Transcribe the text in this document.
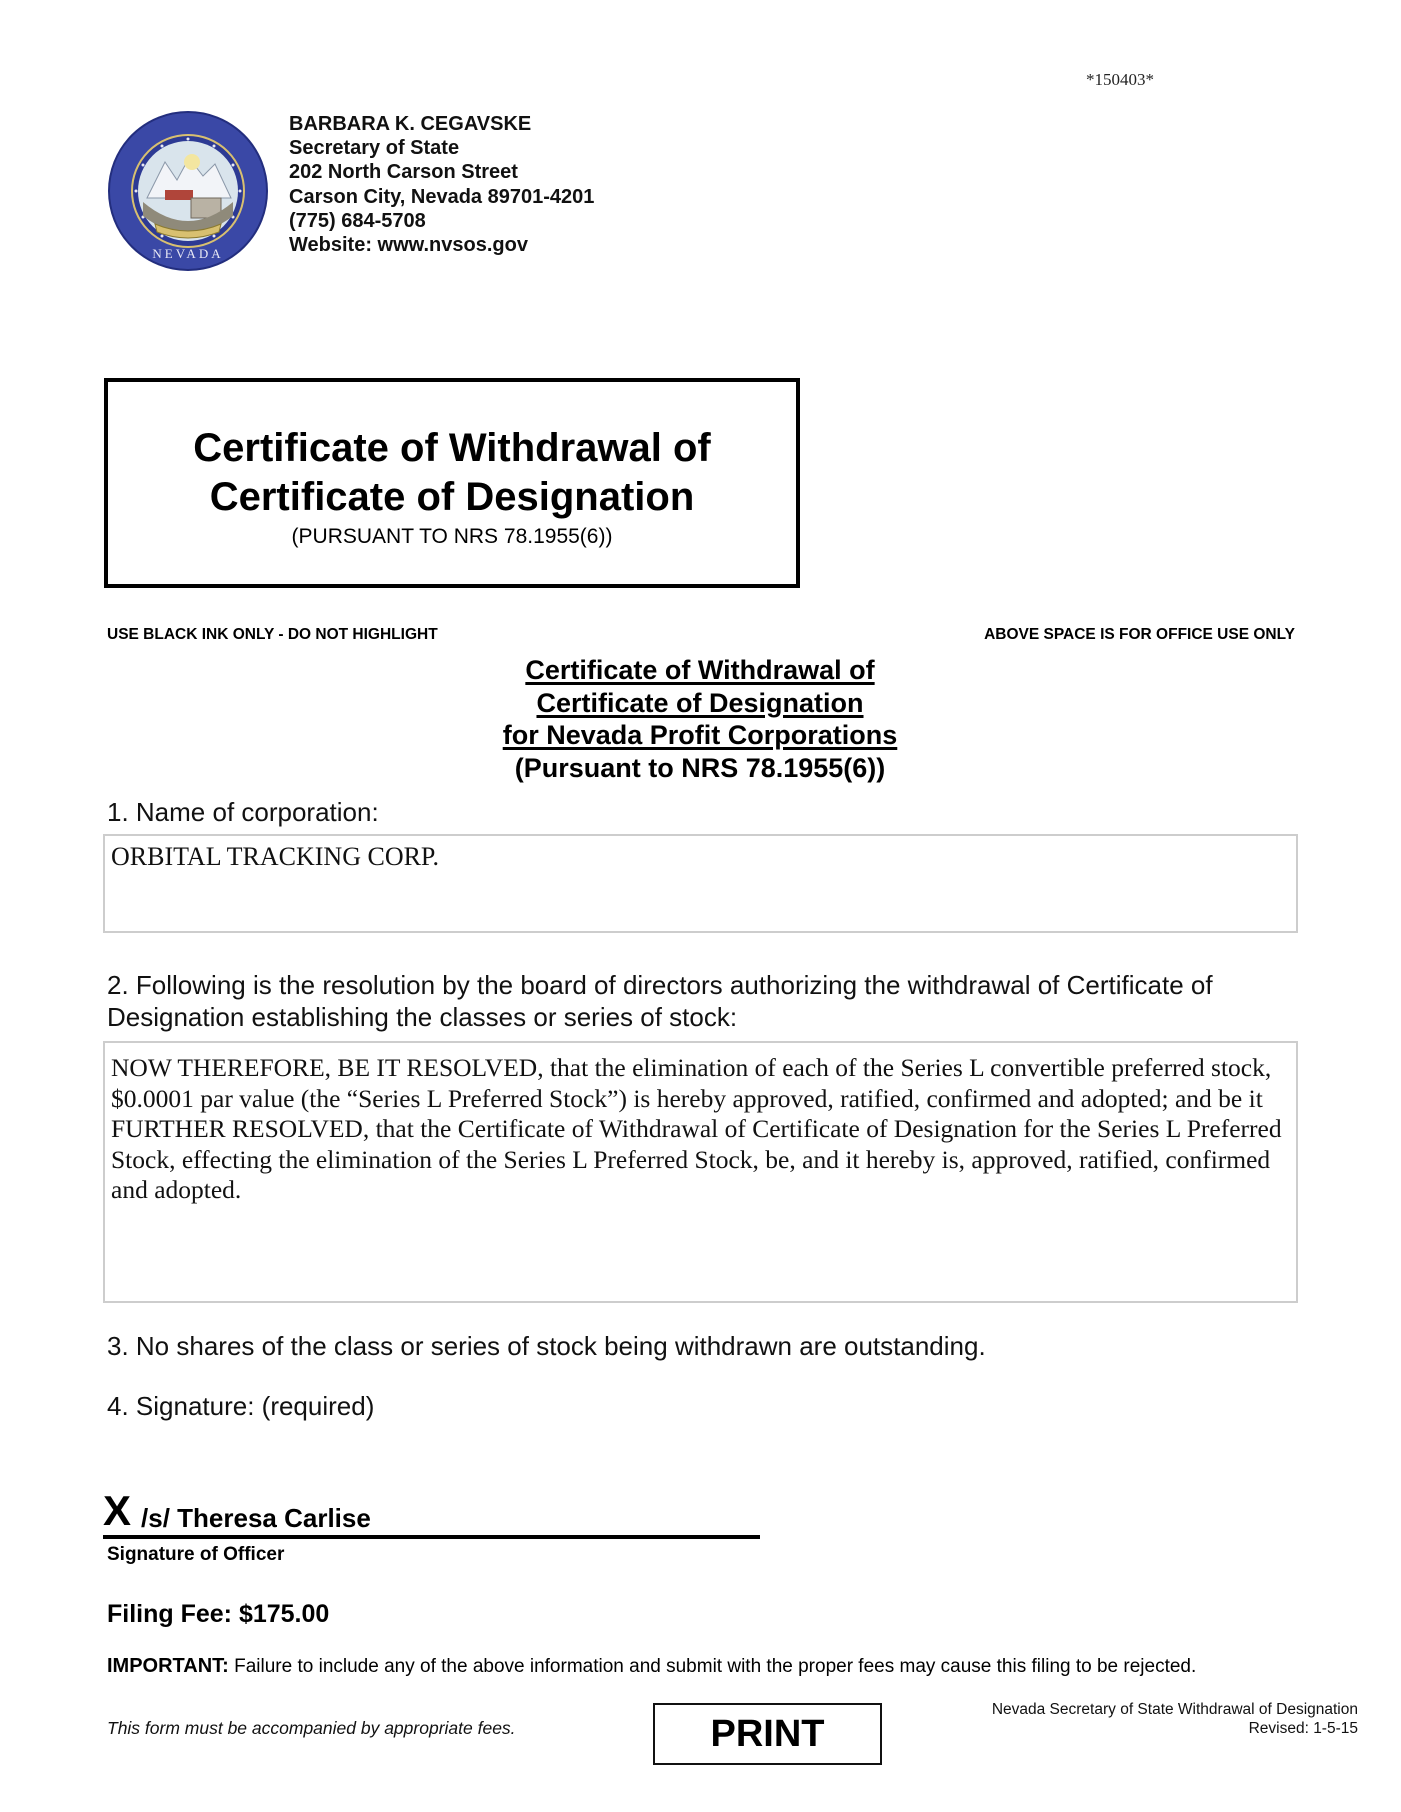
*150403*
NEVADA
BARBARA K. CEGAVSKE
Secretary of State
202 North Carson Street
Carson City, Nevada 89701-4201
(775) 684-5708
Website: www.nvsos.gov
Certificate of Withdrawal of
Certificate of Designation
(PURSUANT TO NRS 78.1955(6))
USE BLACK INK ONLY - DO NOT HIGHLIGHT	ABOVE SPACE IS FOR OFFICE USE ONLY
Certificate of Withdrawal of
Certificate of Designation
for Nevada Profit Corporations
(Pursuant to NRS 78.1955(6))
1. Name of corporation:
ORBITAL TRACKING CORP.
2. Following is the resolution by the board of directors authorizing the withdrawal of Certificate of Designation establishing the classes or series of stock:

NOW THEREFORE, BE IT RESOLVED, that the elimination of each of the Series L convertible preferred stock, $0.0001 par value (the “Series L Preferred Stock”) is hereby approved, ratified, confirmed and adopted; and be it

FURTHER RESOLVED, that the Certificate of Withdrawal of Certificate of Designation for the Series L Preferred Stock, effecting the elimination of the Series L Preferred Stock, be, and it hereby is, approved, ratified, confirmed and adopted.

3. No shares of the class or series of stock being withdrawn are outstanding.
4. Signature: (required)
X /s/ Theresa Carlise
Signature of Officer
Filing Fee: $175.00
IMPORTANT: Failure to include any of the above information and submit with the proper fees may cause this filing to be rejected.
This form must be accompanied by appropriate fees.	PRINT
Nevada Secretary of State Withdrawal of Designation
Revised: 1-5-15
